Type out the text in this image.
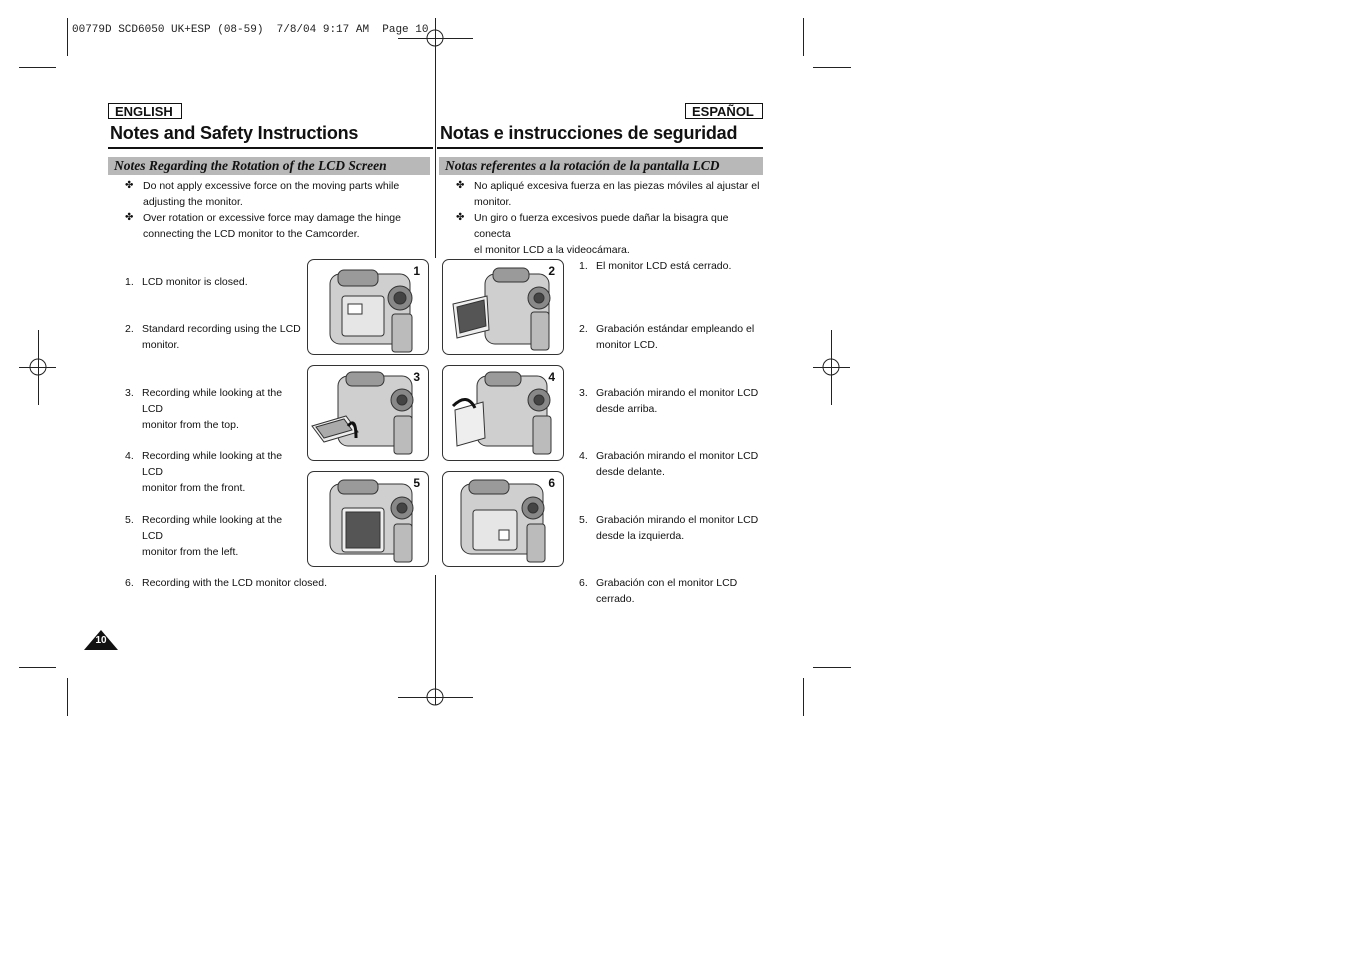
00779D SCD6050 UK+ESP (08-59)  7/8/04 9:17 AM  Page 10
ENGLISH
Notes and Safety Instructions
Notes Regarding the Rotation of the LCD Screen
✤ Do not apply excessive force on the moving parts while
adjusting the monitor.
✤ Over rotation or excessive force may damage the hinge
connecting the LCD monitor to the Camcorder.
1. LCD monitor is closed.
2. Standard recording using the LCD
monitor.
3. Recording while looking at the LCD
monitor from the top.
4. Recording while looking at the LCD
monitor from the front.
5. Recording while looking at the LCD
monitor from the left.
6. Recording with the LCD monitor closed.
ESPAÑOL
Notas e instrucciones de seguridad
Notas referentes a la rotación de la pantalla LCD
✤ No apliqué excesiva fuerza en las piezas móviles al ajustar el
monitor.
✤ Un giro o fuerza excesivos puede dañar la bisagra que conecta
el monitor LCD a la videocámara.
1. El monitor LCD está cerrado.
2. Grabación estándar empleando el
monitor LCD.
3. Grabación mirando el monitor LCD
desde arriba.
4. Grabación mirando el monitor LCD
desde delante.
5. Grabación mirando el monitor LCD
desde la izquierda.
6. Grabación con el monitor LCD
cerrado.
1	2
3	4
5	6
10
